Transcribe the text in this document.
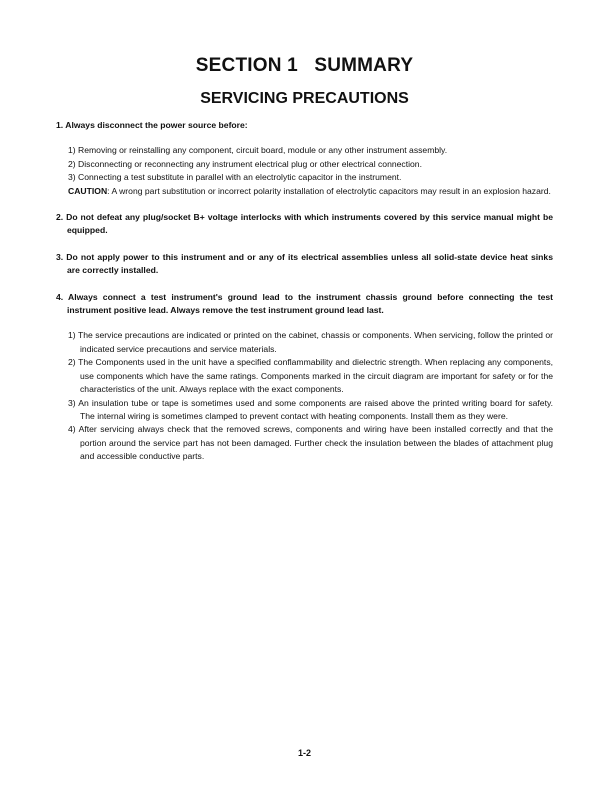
SECTION 1   SUMMARY
SERVICING PRECAUTIONS

1. Always disconnect the power source before:

1) Removing or reinstalling any component, circuit board, module or any other instrument assembly.
2) Disconnecting or reconnecting any instrument electrical plug or other electrical connection.
3) Connecting a test substitute in parallel with an electrolytic capacitor in the instrument.
CAUTION: A wrong part substitution or incorrect polarity installation of electrolytic capacitors may result in an explosion hazard.

2. Do not defeat any plug/socket B+ voltage interlocks with which instruments covered by this service manual might be equipped.

3. Do not apply power to this instrument and or any of its electrical assemblies unless all solid-state device heat sinks are correctly installed.

4. Always connect a test instrument's ground lead to the instrument chassis ground before connecting the test instrument positive lead. Always remove the test instrument ground lead last.

1) The service precautions are indicated or printed on the cabinet, chassis or components. When servicing, follow the printed or indicated service precautions and service materials.
2) The Components used in the unit have a specified conflammability and dielectric strength. When replacing any components, use components which have the same ratings. Components marked in the circuit diagram are important for safety or for the characteristics of the unit. Always replace with the exact components.
3) An insulation tube or tape is sometimes used and some components are raised above the printed writing board for safety. The internal wiring is sometimes clamped to prevent contact with heating components. Install them as they were.
4) After servicing always check that the removed screws, components and wiring have been installed correctly and that the portion around the service part has not been damaged. Further check the insulation between the blades of attachment plug and accessible conductive parts.
1-2
